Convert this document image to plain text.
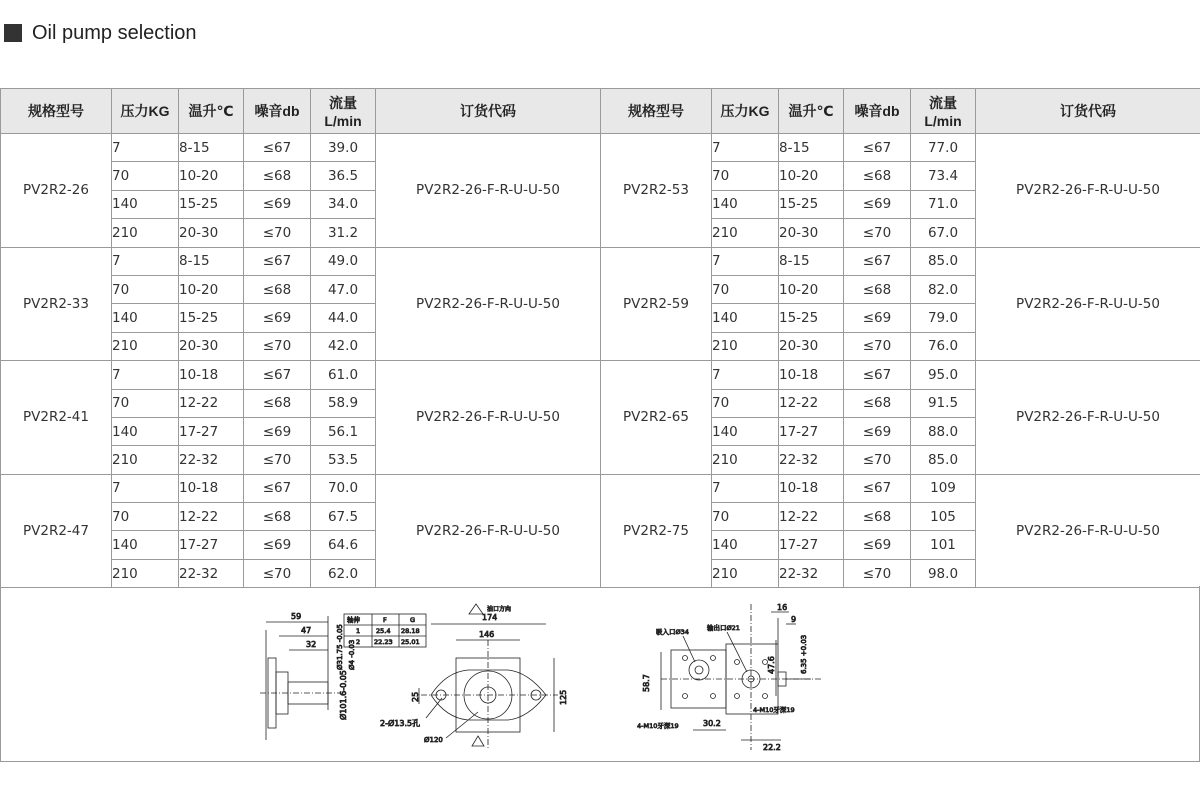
Oil pump selection
规格型号	压力KG	温升℃	噪音db	流量L/min	订货代码	规格型号	压力KG	温升℃	噪音db	流量L/min	订货代码
PV2R2-26	7	8-15	≤67	39.0	PV2R2-26-F-R-U-U-50	PV2R2-53	7	8-15	≤67	77.0	PV2R2-26-F-R-U-U-50
	70	10-20	≤68	36.5			70	10-20	≤68	73.4	
	140	15-25	≤69	34.0			140	15-25	≤69	71.0	
	210	20-30	≤70	31.2			210	20-30	≤70	67.0	
PV2R2-33	7	8-15	≤67	49.0	PV2R2-26-F-R-U-U-50	PV2R2-59	7	8-15	≤67	85.0	PV2R2-26-F-R-U-U-50
	70	10-20	≤68	47.0			70	10-20	≤68	82.0	
	140	15-25	≤69	44.0			140	15-25	≤69	79.0	
	210	20-30	≤70	42.0			210	20-30	≤70	76.0	
PV2R2-41	7	10-18	≤67	61.0	PV2R2-26-F-R-U-U-50	PV2R2-65	7	10-18	≤67	95.0	PV2R2-26-F-R-U-U-50
	70	12-22	≤68	58.9			70	12-22	≤68	91.5	
	140	17-27	≤69	56.1			140	17-27	≤69	88.0	
	210	22-32	≤70	53.5			210	22-32	≤70	85.0	
PV2R2-47	7	10-18	≤67	70.0	PV2R2-26-F-R-U-U-50	PV2R2-75	7	10-18	≤67	109	PV2R2-26-F-R-U-U-50
	70	12-22	≤68	67.5			70	12-22	≤68	105	
	140	17-27	≤69	64.6			140	17-27	≤69	101	
	210	22-32	≤70	62.0			210	22-32	≤70	98.0	
59
47
32	Ø31.75 -0.05 Ø4 -0.03
Ø101.6-0.05
轴伸	F	G
1 25.4 28.18
2 22.23 25.01
174
146
125
25
油口方向
2-Ø13.5孔
Ø120
16
9
58.7
47.6	6.35 +0.03
30.2
22.2
吸入口Ø34	输出口Ø21
4-M10牙深19
4-M10牙深19
